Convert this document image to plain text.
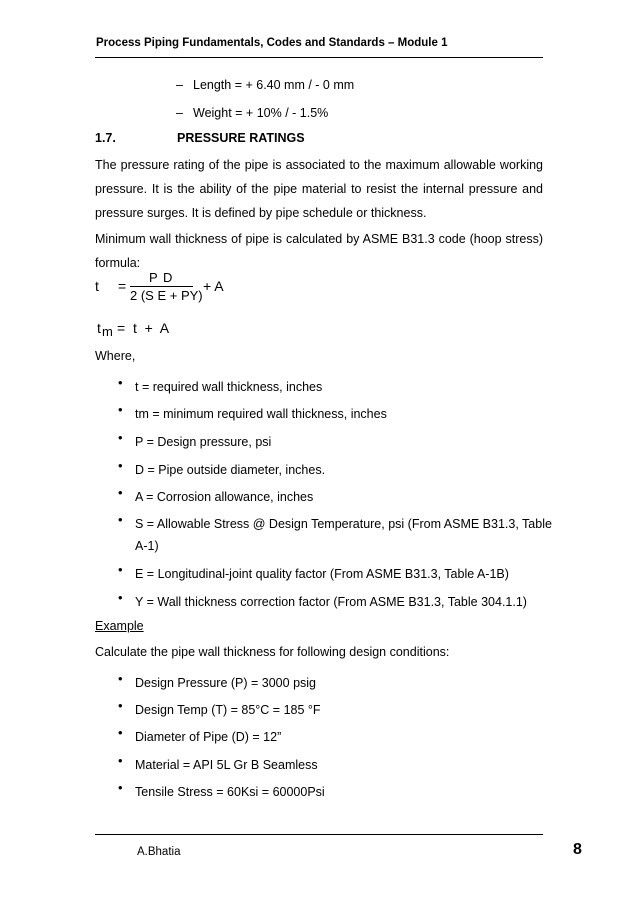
Process Piping Fundamentals, Codes and Standards – Module 1
– Length = + 6.40 mm / - 0 mm
– Weight = + 10% / - 1.5%
1.7.	PRESSURE RATINGS
The pressure rating of the pipe is associated to the maximum allowable working
pressure. It is the ability of the pipe material to resist the internal pressure and
pressure surges. It is defined by pipe schedule or thickness.
Minimum wall thickness of pipe is calculated by ASME B31.3 code (hoop stress)
formula:
t =
P D
2 (S E + PY)
+ A
t m =  t  +  A
Where,
• t = required wall thickness, inches
• tm = minimum required wall thickness, inches
• P = Design pressure, psi
• D = Pipe outside diameter, inches.
• A = Corrosion allowance, inches
• S = Allowable Stress @ Design Temperature, psi (From ASME B31.3, Table
A-1)
• E = Longitudinal-joint quality factor (From ASME B31.3, Table A-1B)
• Y = Wall thickness correction factor (From ASME B31.3, Table 304.1.1)
Example
Calculate the pipe wall thickness for following design conditions:
• Design Pressure (P) = 3000 psig
• Design Temp (T) = 85°C = 185 °F
• Diameter of Pipe (D) = 12”
• Material = API 5L Gr B Seamless
• Tensile Stress = 60Ksi = 60000Psi
A.Bhatia	8
